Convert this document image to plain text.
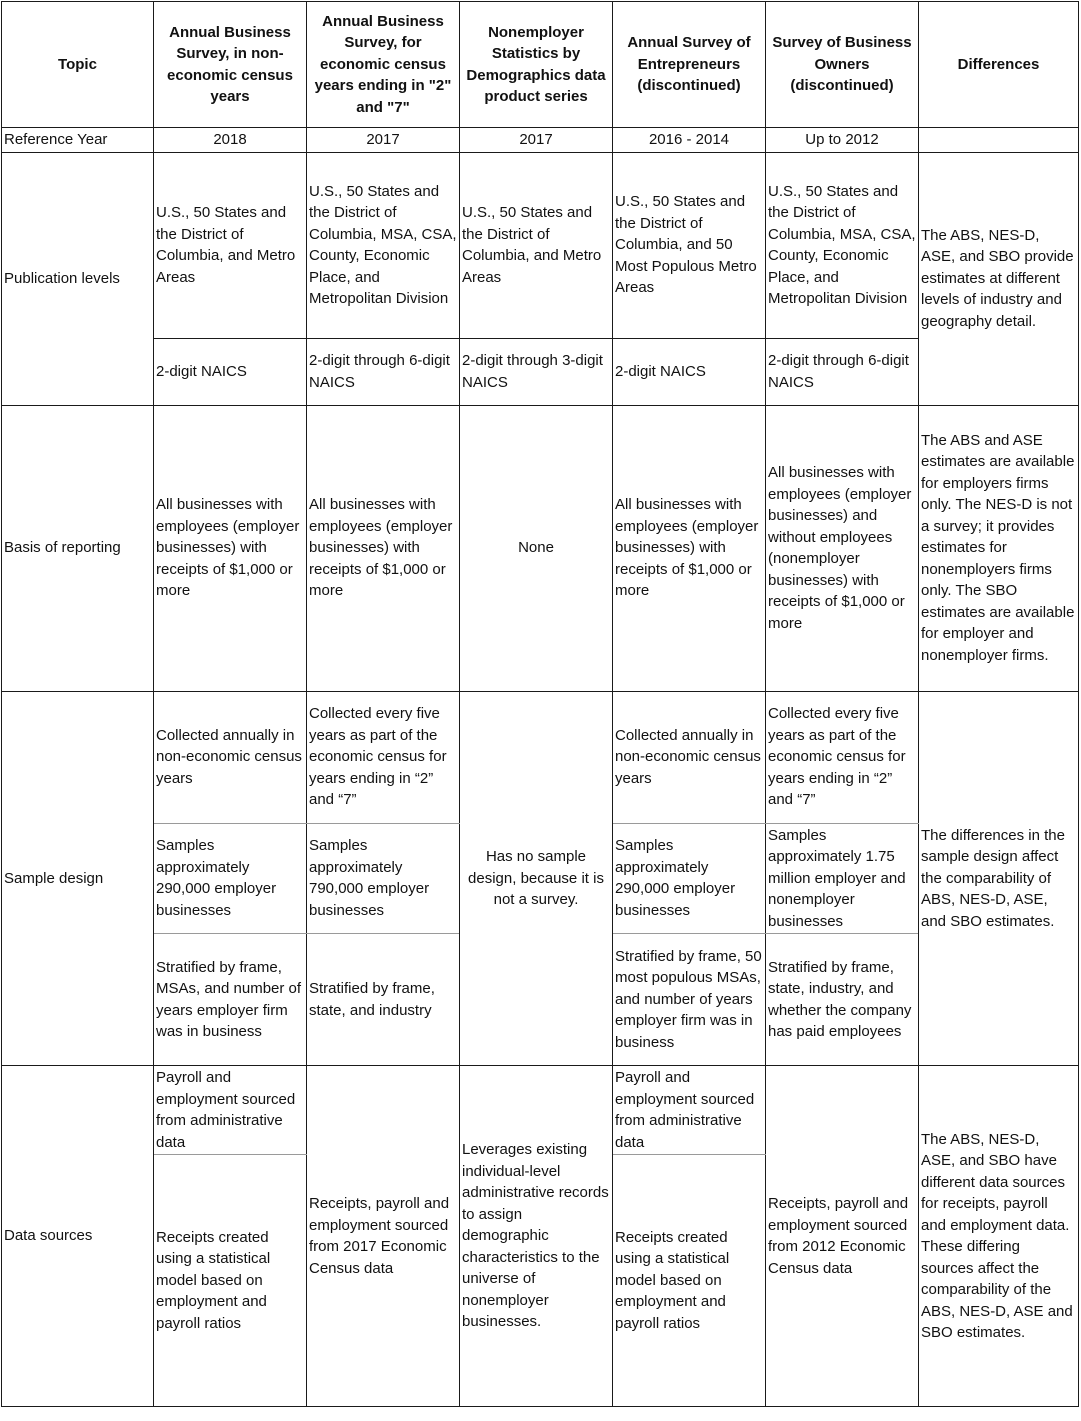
Topic	Annual Business Survey, in non-economic census years	Annual Business Survey, for economic census years ending in "2" and "7"	Nonemployer Statistics by Demographics data product series	Annual Survey of Entrepreneurs (discontinued)	Survey of Business Owners (discontinued)	Differences
Reference Year	2018	2017	2017	2016 - 2014	Up to 2012	
Publication levels	U.S., 50 States and the District of Columbia, and Metro Areas	U.S., 50 States and the District of Columbia, MSA, CSA, County, Economic Place, and Metropolitan Division	U.S., 50 States and the District of Columbia, and Metro Areas	U.S., 50 States and the District of Columbia, and 50 Most Populous Metro Areas	U.S., 50 States and the District of Columbia, MSA, CSA, County, Economic Place, and Metropolitan Division	The ABS, NES-D, ASE, and SBO provide estimates at different levels of industry and geography detail.
	2-digit NAICS	2-digit through 6-digit NAICS	2-digit through 3-digit NAICS	2-digit NAICS	2-digit through 6-digit NAICS	
Basis of reporting	All businesses with employees (employer businesses) with receipts of $1,000 or more	All businesses with employees (employer businesses) with receipts of $1,000 or more	None	All businesses with employees (employer businesses) with receipts of $1,000 or more	All businesses with employees (employer businesses) and without employees (nonemployer businesses) with receipts of $1,000 or more	The ABS and ASE estimates are available for employers firms only. The NES-D is not a survey; it provides estimates for nonemployers firms only. The SBO estimates are available for employer and nonemployer firms.
Sample design	Collected annually in non-economic census years	Collected every five years as part of the economic census for years ending in “2” and “7”	Has no sample design, because it is not a survey.	Collected annually in non-economic census years	Collected every five years as part of the economic census for years ending in “2” and “7”	The differences in the sample design affect the comparability of ABS, NES-D, ASE, and SBO estimates.
	Samples approximately 290,000 employer businesses	Samples approximately 790,000 employer businesses		Samples approximately 290,000 employer businesses	Samples approximately 1.75 million employer and nonemployer businesses	
	Stratified by frame, MSAs, and number of years employer firm was in business	Stratified by frame, state, and industry		Stratified by frame, 50 most populous MSAs, and number of years employer firm was in business	Stratified by frame, state, industry, and whether the company has paid employees	
Data sources	Payroll and employment sourced from administrative data	Receipts, payroll and employment sourced from 2017 Economic Census data	Leverages existing individual-level administrative records to assign demographic characteristics to the universe of nonemployer businesses.	Payroll and employment sourced from administrative data	Receipts, payroll and employment sourced from 2012 Economic Census data	The ABS, NES-D, ASE, and SBO have different data sources for receipts, payroll and employment data. These differing sources affect the comparability of the ABS, NES-D, ASE and SBO estimates.
	Receipts created using a statistical model based on employment and payroll ratios			Receipts created using a statistical model based on employment and payroll ratios		
